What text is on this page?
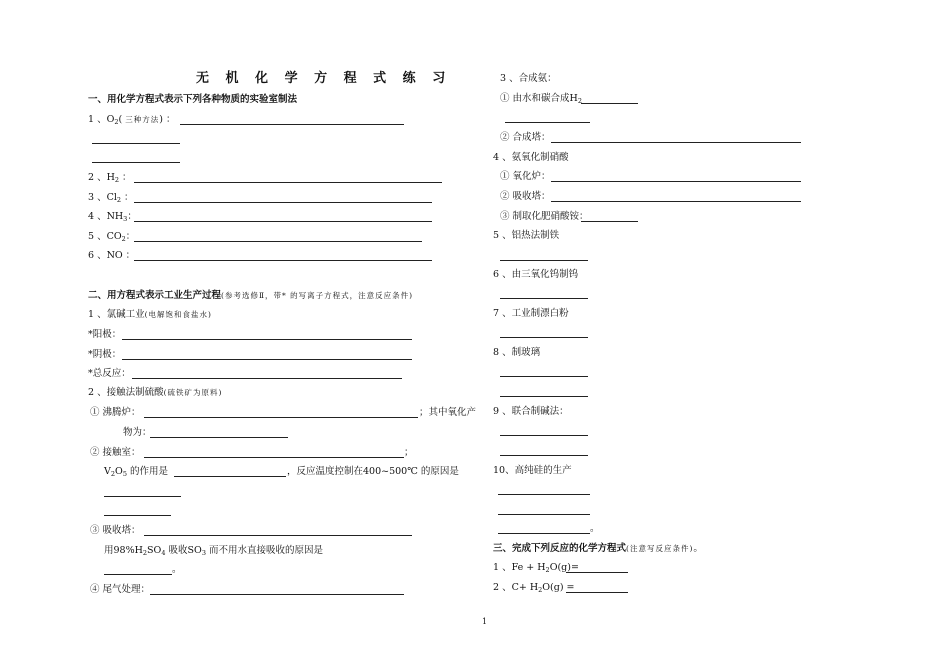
无 机 化 学 方 程 式 练 习
一、用化学方程式表示下列各种物质的实验室制法
1 、$O_2$( 三种方法) ：
2 、$H_2$ ：
3 、$Cl_2$ ：
4 、$NH_3$：
5 、$CO_2$：
6 、NO ：
二、用方程式表示工业生产过程(参考选修Ⅱ，带* 的写离子方程式，注意反应条件)
1 、氯碱工业(电解饱和食盐水)
*阳极：
*阴极：
*总反应：
2 、接触法制硫酸(硫铁矿为原料)
① 沸腾炉：	；其中氧化产
物为：
② 接触室：	；
$V_2O_5$ 的作用是	，反应温度控制在400~500℃ 的原因是
③ 吸收塔：
用$98\%H_2SO_4$ 吸收$SO_3$ 而不用水直接吸收的原因是
。
④ 尾气处理：
3 、合成氨：
① 由水和碳合成$H_2$
② 合成塔：
4 、氨氧化制硝酸
① 氧化炉：
② 吸收塔：
③ 制取化肥硝酸铵：
5 、铝热法制铁
6 、由三氧化钨制钨
7 、工业制漂白粉
8 、制玻璃
9 、联合制碱法：
10、高纯硅的生产
。
三、完成下列反应的化学方程式(注意写反应条件)。
1 、$Fe + H_2O(g)=$
2 、$C+ H_2O(g)$ =
1
